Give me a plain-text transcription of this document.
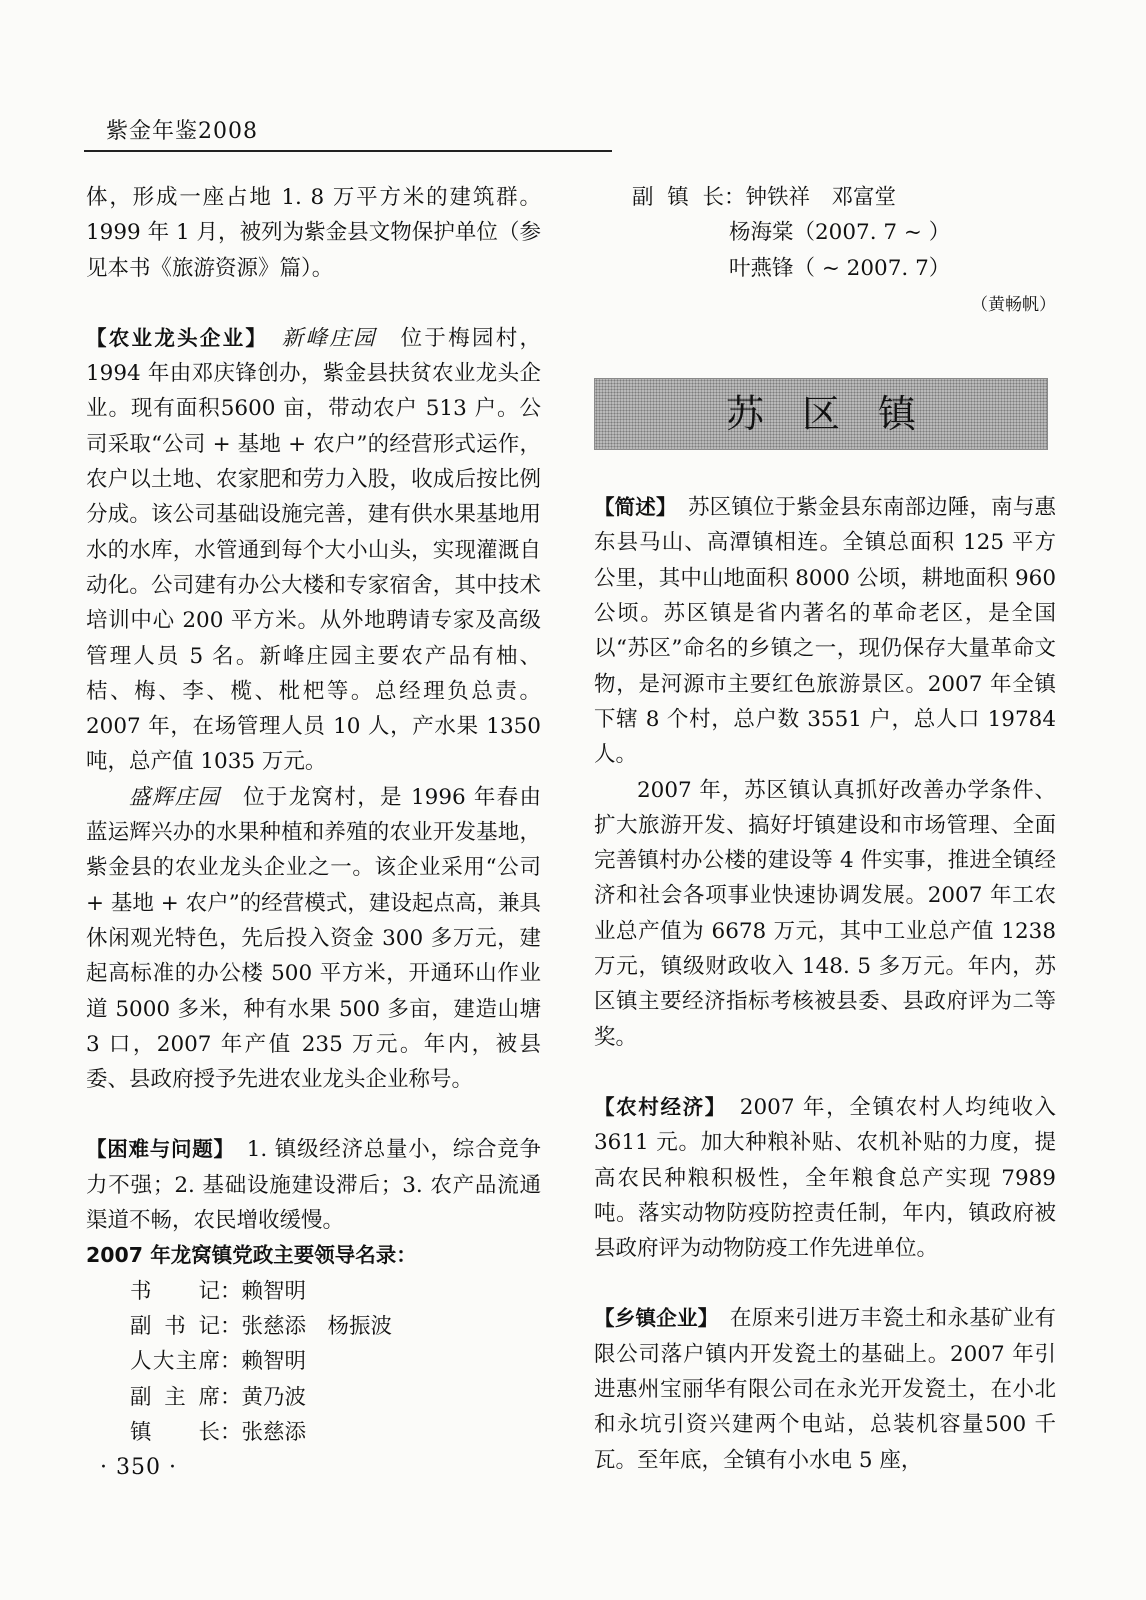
紫金年鉴2008

体，形成一座占地 1. 8 万平方米的建筑群。1999 年 1 月，被列为紫金县文物保护单位（参见本书《旅游资源》篇）。

【农业龙头企业】　 新峰庄园　位于梅园村，1994 年由邓庆锋创办，紫金县扶贫农业龙头企业。现有面积5600 亩，带动农户 513 户。公司采取“公司 + 基地 + 农户”的经营形式运作，农户以土地、农家肥和劳力入股，收成后按比例分成。该公司基础设施完善，建有供水果基地用水的水库，水管通到每个大小山头，实现灌溉自动化。公司建有办公大楼和专家宿舍，其中技术培训中心 200 平方米。从外地聘请专家及高级管理人员 5 名。新峰庄园主要农产品有柚、桔、梅、李、榄、枇杷等。总经理负总责。2007 年，在场管理人员 10 人，产水果 1350 吨，总产值 1035 万元。

盛辉庄园　位于龙窝村，是 1996 年春由蓝运辉兴办的水果种植和养殖的农业开发基地，紫金县的农业龙头企业之一。该企业采用“公司 + 基地 + 农户”的经营模式，建设起点高，兼具休闲观光特色，先后投入资金 300 多万元，建起高标准的办公楼 500 平方米，开通环山作业道 5000 多米，种有水果 500 多亩，建造山塘 3 口，2007 年产值 235 万元。年内，被县委、县政府授予先进农业龙头企业称号。

【困难与问题】　1. 镇级经济总量小，综合竞争力不强；2. 基础设施建设滞后；3. 农产品流通渠道不畅，农民增收缓慢。

2007 年龙窝镇党政主要领导名录：

书记 ： 赖智明
副书记 ： 张慈添　杨振波
人大主席 ： 赖智明
副主席 ： 黄乃波
镇长 ： 张慈添
副镇长 ： 钟铁祥　邓富堂
杨海棠（2007. 7 ~ ）
叶燕锋（ ~ 2007. 7）
（黄畅帆）
苏区镇

【简述】　苏区镇位于紫金县东南部边陲，南与惠东县马山、高潭镇相连。全镇总面积 125 平方公里，其中山地面积 8000 公顷，耕地面积 960 公顷。苏区镇是省内著名的革命老区，是全国以“苏区”命名的乡镇之一，现仍保存大量革命文物，是河源市主要红色旅游景区。2007 年全镇下辖 8 个村，总户数 3551 户，总人口 19784 人。

2007 年，苏区镇认真抓好改善办学条件、扩大旅游开发、搞好圩镇建设和市场管理、全面完善镇村办公楼的建设等 4 件实事，推进全镇经济和社会各项事业快速协调发展。2007 年工农业总产值为 6678 万元，其中工业总产值 1238 万元，镇级财政收入 148. 5 多万元。年内，苏区镇主要经济指标考核被县委、县政府评为二等奖。

【农村经济】　2007 年，全镇农村人均纯收入 3611 元。加大种粮补贴、农机补贴的力度，提高农民种粮积极性，全年粮食总产实现 7989 吨。落实动物防疫防控责任制，年内，镇政府被县政府评为动物防疫工作先进单位。

【乡镇企业】　在原来引进万丰瓷土和永基矿业有限公司落户镇内开发瓷土的基础上。2007 年引进惠州宝丽华有限公司在永光开发瓷土，在小北和永坑引资兴建两个电站，总装机容量500 千瓦。至年底，全镇有小水电 5 座，

· 350 ·
